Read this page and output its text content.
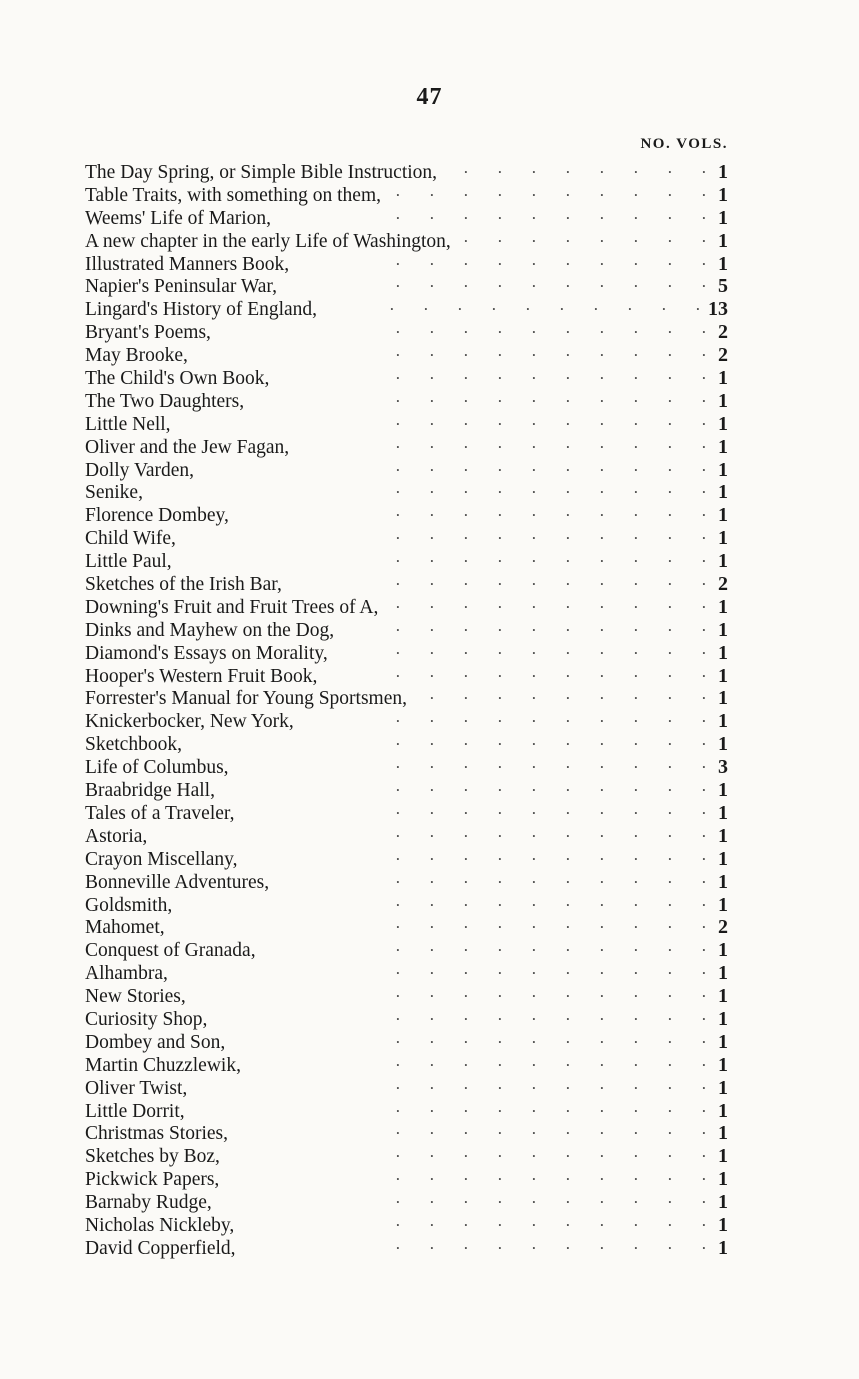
47
NO. VOLS.
The Day Spring, or Simple Bible Instruction, .	1
Table Traits, with something on them, .	1
Weems' Life of Marion, .	1
A new chapter in the early Life of Washington, .	1
Illustrated Manners Book, .	1
Napier's Peninsular War, .	5
Lingard's History of England, .	13
Bryant's Poems, .	2
May Brooke, .	2
The Child's Own Book, .	1
The Two Daughters, .	1
Little Nell, .	1
Oliver and the Jew Fagan, .	1
Dolly Varden, .	1
Senike, .	1
Florence Dombey, .	1
Child Wife, .	1
Little Paul, .	1
Sketches of the Irish Bar, .	2
Downing's Fruit and Fruit Trees of A, .	1
Dinks and Mayhew on the Dog, .	1
Diamond's Essays on Morality, .	1
Hooper's Western Fruit Book, .	1
Forrester's Manual for Young Sportsmen, .	1
Knickerbocker, New York, .	1
Sketchbook, .	1
Life of Columbus, .	3
Braabridge Hall, .	1
Tales of a Traveler, .	1
Astoria, .	1
Crayon Miscellany, .	1
Bonneville Adventures, .	1
Goldsmith, .	1
Mahomet, .	2
Conquest of Granada, .	1
Alhambra, .	1
New Stories, .	1
Curiosity Shop, .	1
Dombey and Son, .	1
Martin Chuzzlewik, .	1
Oliver Twist, .	1
Little Dorrit, .	1
Christmas Stories, .	1
Sketches by Boz, .	1
Pickwick Papers, .	1
Barnaby Rudge, .	1
Nicholas Nickleby, .	1
David Copperfield, .	1
